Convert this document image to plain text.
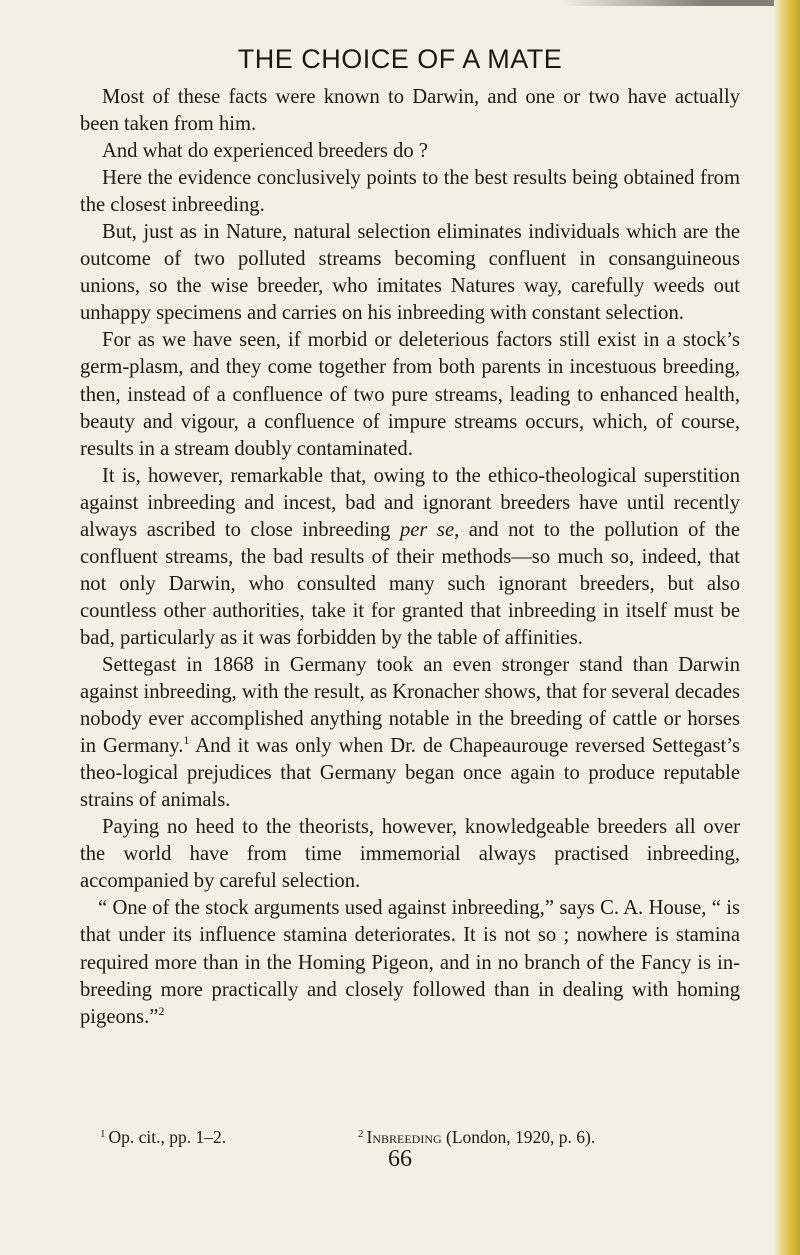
THE CHOICE OF A MATE

Most of these facts were known to Darwin, and one or two have actually been taken from him.

And what do experienced breeders do ?

Here the evidence conclusively points to the best results being obtained from the closest inbreeding.

But, just as in Nature, natural selection eliminates individuals which are the outcome of two polluted streams becoming confluent in consanguineous unions, so the wise breeder, who imitates Natures way, carefully weeds out unhappy specimens and carries on his inbreeding with constant selection.

For as we have seen, if morbid or deleterious factors still exist in a stock’s germ-plasm, and they come together from both parents in incestuous breeding, then, instead of a confluence of two pure streams, leading to enhanced health, beauty and vigour, a confluence of impure streams occurs, which, of course, results in a stream doubly contaminated.

It is, however, remarkable that, owing to the ethico-theological superstition against inbreeding and incest, bad and ignorant breeders have until recently always ascribed to close inbreeding per se, and not to the pollution of the confluent streams, the bad results of their methods—so much so, indeed, that not only Darwin, who consulted many such ignorant breeders, but also countless other authorities, take it for granted that inbreeding in itself must be bad, particularly as it was forbidden by the table of affinities.

Settegast in 1868 in Germany took an even stronger stand than Darwin against inbreeding, with the result, as Kronacher shows, that for several decades nobody ever accomplished anything notable in the breeding of cattle or horses in Germany.$^1$ And it was only when Dr. de Chapeaurouge reversed Settegast’s theo-logical prejudices that Germany began once again to produce reputable strains of animals.

Paying no heed to the theorists, however, knowledgeable breeders all over the world have from time immemorial always practised inbreeding, accompanied by careful selection.

“ One of the stock arguments used against inbreeding,” says C. A. House, “ is that under its influence stamina deteriorates. It is not so ; nowhere is stamina required more than in the Homing Pigeon, and in no branch of the Fancy is in-breeding more practically and closely followed than in dealing with homing pigeons.”$^2$

$^1$ Op. cit., pp. 1–2.	$^2$ Inbreeding (London, 1920, p. 6).
66
